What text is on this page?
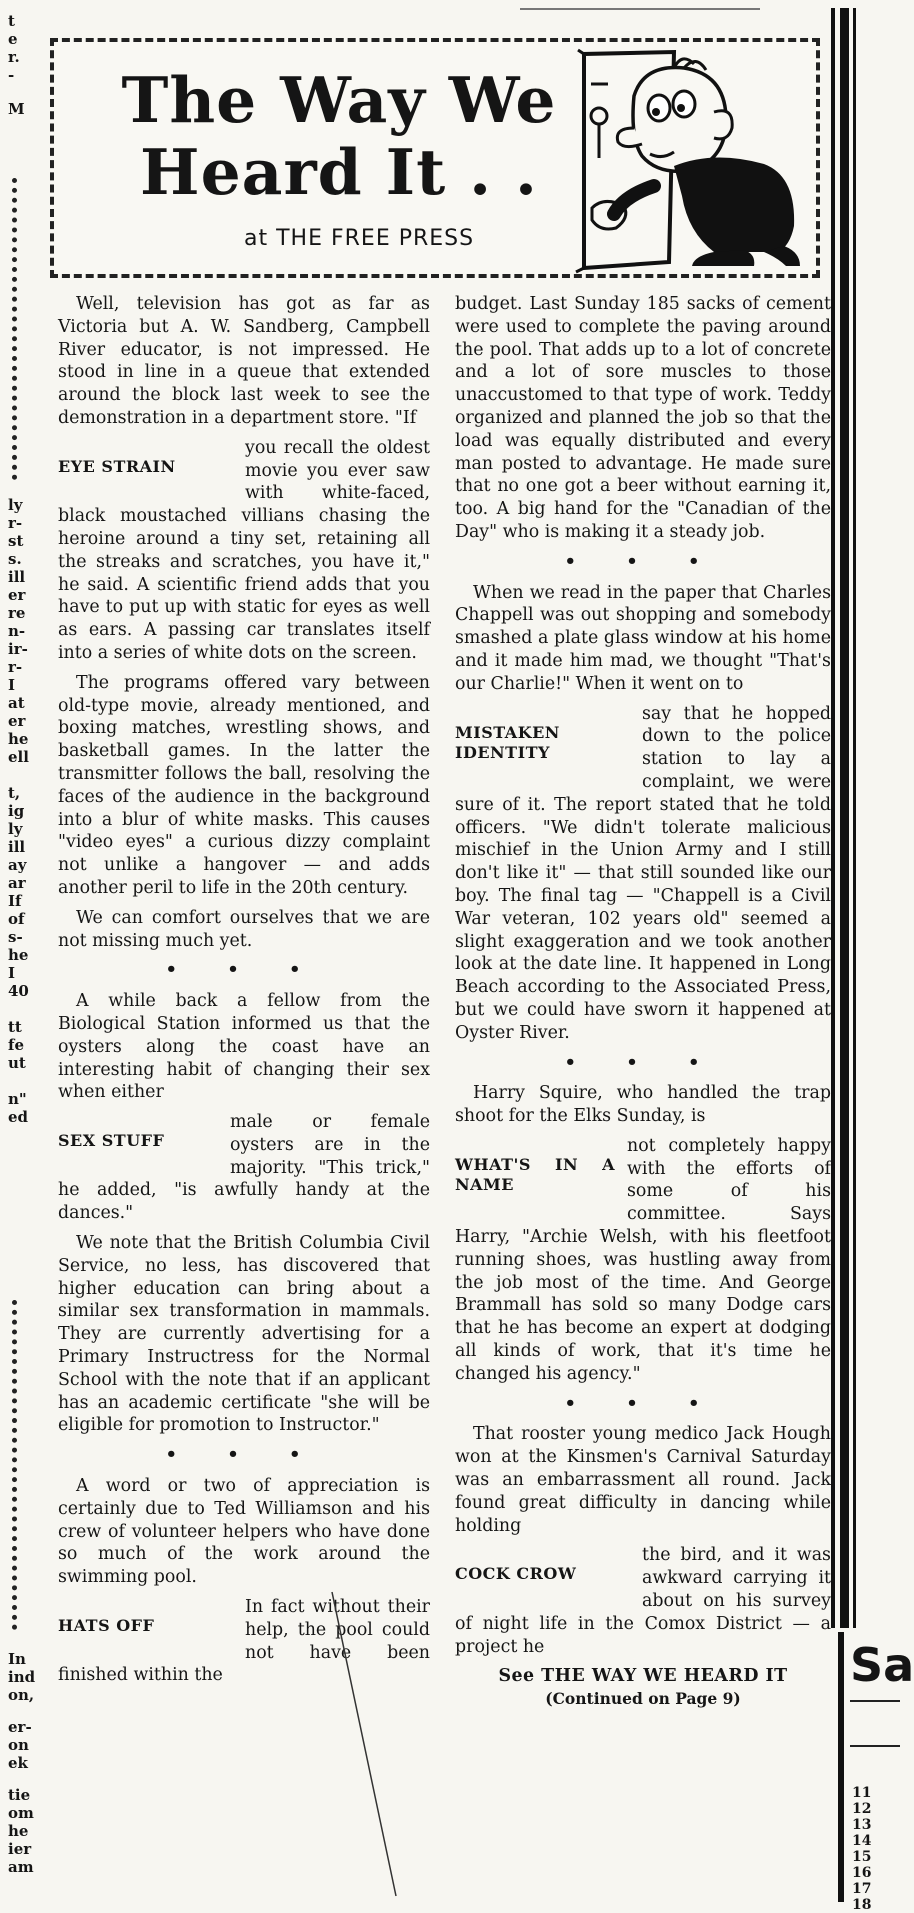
t
e
r.
-
M
ly
r-
st
s.
ill
er
re
n-
ir-
r-
I
at
er
he
ell
t,
ig
ly
ill
ay
ar
If
of
s-
he
I
40
tt
fe
ut
n"
ed
In
ind
on,
er-
on
ek
tie
om
he
ier
am
The Way We
Heard It . .
at THE FREE PRESS

Well, television has got as far as Victoria but A. W. Sandberg, Campbell River educator, is not impressed. He stood in line in a queue that extended around the block last week to see the demonstration in a department store. "If

EYE STRAIN

you recall the oldest movie you ever saw with white-faced, black moustached villians chasing the heroine around a tiny set, retaining all the streaks and scratches, you have it," he said. A scientific friend adds that you have to put up with static for eyes as well as ears. A passing car translates itself into a series of white dots on the screen.

The programs offered vary between old-type movie, already mentioned, and boxing matches, wrestling shows, and basketball games. In the latter the transmitter follows the ball, resolving the faces of the audience in the background into a blur of white masks. This causes "video eyes" a curious dizzy complaint not unlike a hangover — and adds another peril to life in the 20th century.

We can comfort ourselves that we are not missing much yet.

• • •

A while back a fellow from the Biological Station informed us that the oysters along the coast have an interesting habit of changing their sex when either

SEX STUFF

male or female oysters are in the majority. "This trick," he added, "is awfully handy at the dances."

We note that the British Columbia Civil Service, no less, has discovered that higher education can bring about a similar sex transformation in mammals. They are currently advertising for a Primary Instructress for the Normal School with the note that if an applicant has an academic certificate "she will be eligible for promotion to Instructor."

• • •

A word or two of appreciation is certainly due to Ted Williamson and his crew of volunteer helpers who have done so much of the work around the swimming pool.

HATS OFF

In fact without their help, the pool could not have been finished within the

budget. Last Sunday 185 sacks of cement were used to complete the paving around the pool. That adds up to a lot of concrete and a lot of sore muscles to those unaccustomed to that type of work. Teddy organized and planned the job so that the load was equally distributed and every man posted to advantage. He made sure that no one got a beer without earning it, too. A big hand for the "Canadian of the Day" who is making it a steady job.

• • •

When we read in the paper that Charles Chappell was out shopping and somebody smashed a plate glass window at his home and it made him mad, we thought "That's our Charlie!" When it went on to

MISTAKEN IDENTITY

say that he hopped down to the police station to lay a complaint, we were sure of it. The report stated that he told officers. "We didn't tolerate malicious mischief in the Union Army and I still don't like it" — that still sounded like our boy. The final tag — "Chappell is a Civil War veteran, 102 years old" seemed a slight exaggeration and we took another look at the date line. It happened in Long Beach according to the Associated Press, but we could have sworn it happened at Oyster River.

• • •

Harry Squire, who handled the trap shoot for the Elks Sunday, is

WHAT'S IN A NAME

not completely happy with the efforts of some of his committee. Says Harry, "Archie Welsh, with his fleetfoot running shoes, was hustling away from the job most of the time. And George Brammall has sold so many Dodge cars that he has become an expert at dodging all kinds of work, that it's time he changed his agency."

• • •

That rooster young medico Jack Hough won at the Kinsmen's Carnival Saturday was an embarrassment all round. Jack found great difficulty in dancing while holding

COCK CROW

the bird, and it was awkward carrying it about on his survey of night life in the Comox District — a project he

See THE WAY WE HEARD IT
(Continued on Page 9)
Sa
11
12
13
14
15
16
17
18
